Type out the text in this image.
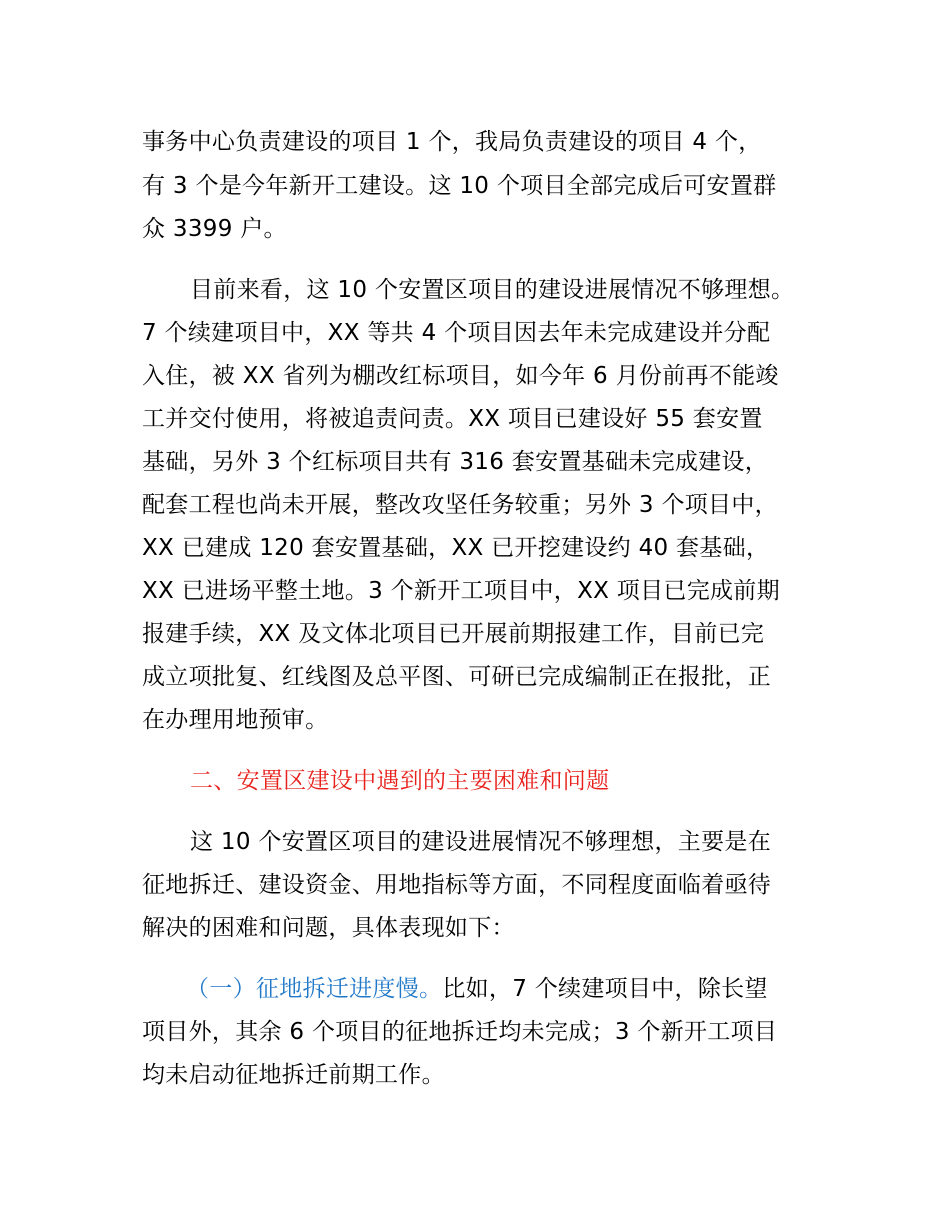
事务中心负责建设的项目 1 个，我局负责建设的项目 4 个，
有 3 个是今年新开工建设。这 10 个项目全部完成后可安置群
众 3399 户。
目前来看，这 10 个安置区项目的建设进展情况不够理想。
7 个续建项目中，XX 等共 4 个项目因去年未完成建设并分配
入住，被 XX 省列为棚改红标项目，如今年 6 月份前再不能竣
工并交付使用，将被追责问责。XX 项目已建设好 55 套安置
基础，另外 3 个红标项目共有 316 套安置基础未完成建设，
配套工程也尚未开展，整改攻坚任务较重；另外 3 个项目中，
XX 已建成 120 套安置基础，XX 已开挖建设约 40 套基础，
XX 已进场平整土地。3 个新开工项目中，XX 项目已完成前期
报建手续，XX 及文体北项目已开展前期报建工作，目前已完
成立项批复、红线图及总平图、可研已完成编制正在报批，正
在办理用地预审。
二、安置区建设中遇到的主要困难和问题
这 10 个安置区项目的建设进展情况不够理想，主要是在
征地拆迁、建设资金、用地指标等方面，不同程度面临着亟待
解决的困难和问题，具体表现如下：
（一）征地拆迁进度慢。比如，7 个续建项目中，除长望
项目外，其余 6 个项目的征地拆迁均未完成；3 个新开工项目
均未启动征地拆迁前期工作。
